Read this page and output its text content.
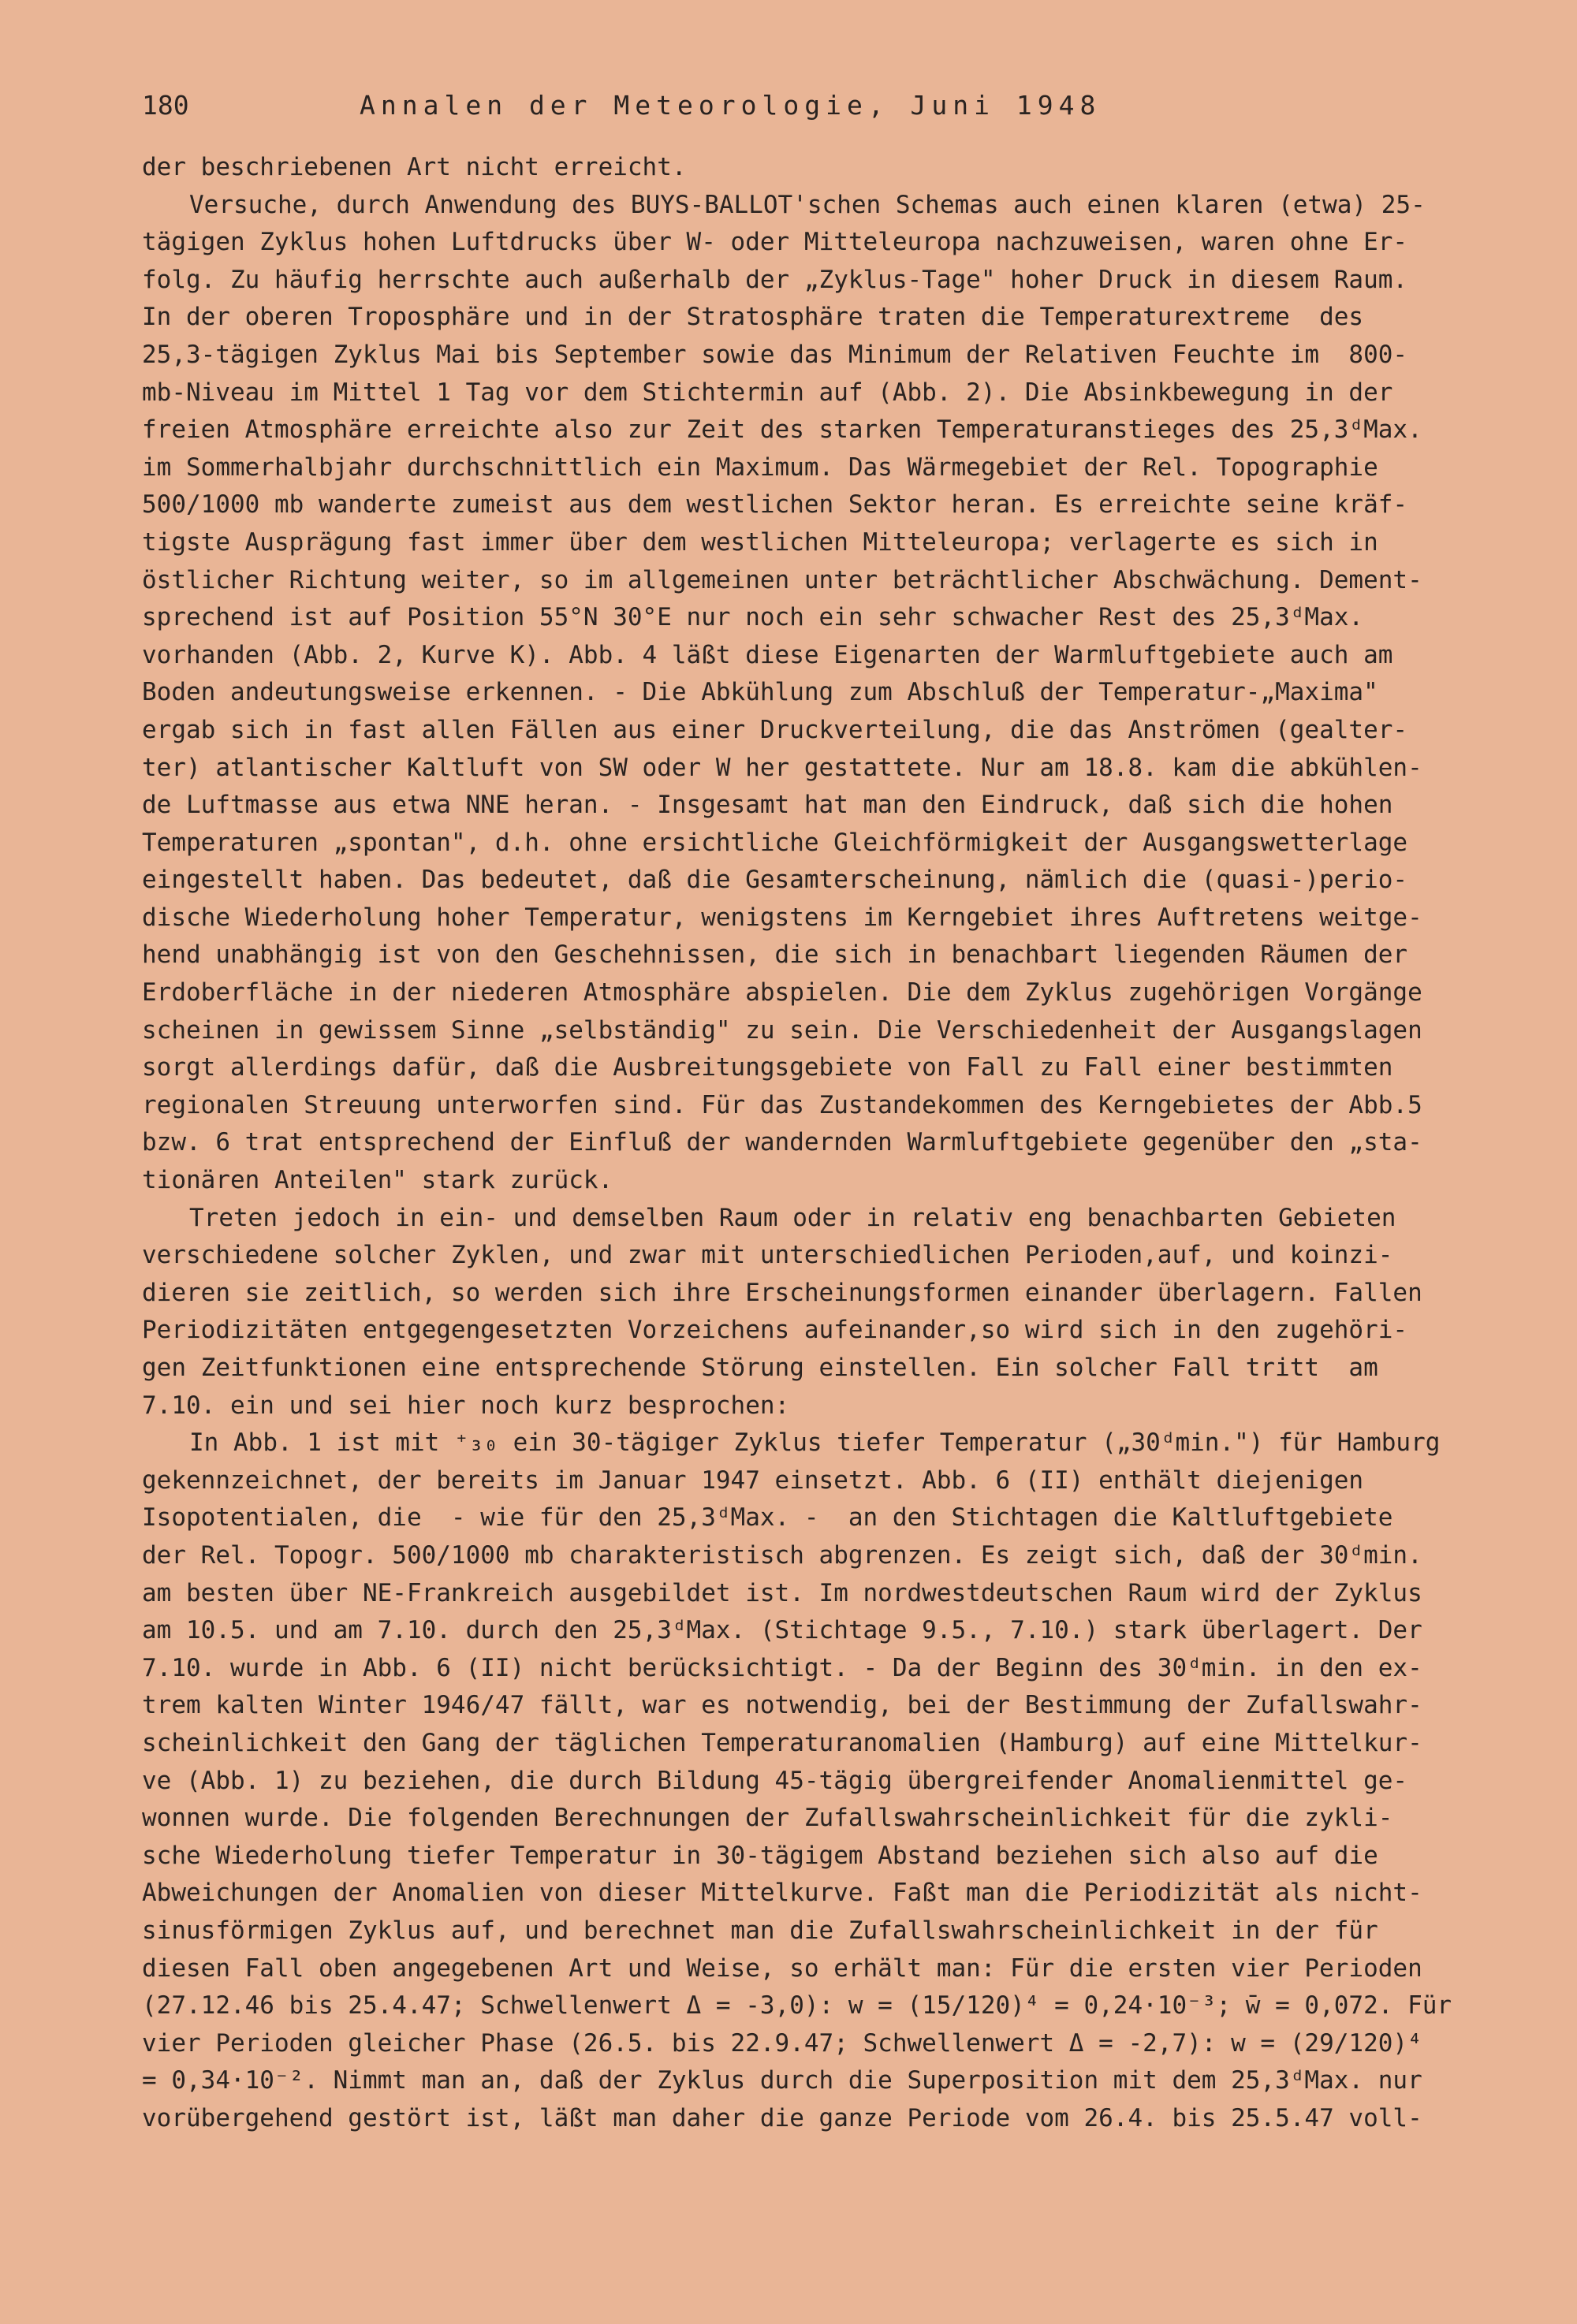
180

	Annalen der Meteorologie, Juni 1948

der beschriebenen Art nicht erreicht.
Versuche, durch Anwendung des BUYS-BALLOT'schen Schemas auch einen klaren (etwa) 25-
tägigen Zyklus hohen Luftdrucks über W- oder Mitteleuropa nachzuweisen, waren ohne Er-
folg. Zu häufig herrschte auch außerhalb der „Zyklus-Tage" hoher Druck in diesem Raum.
In der oberen Troposphäre und in der Stratosphäre traten die Temperaturextreme  des
25,3-tägigen Zyklus Mai bis September sowie das Minimum der Relativen Feuchte im  800-
mb-Niveau im Mittel 1 Tag vor dem Stichtermin auf (Abb. 2). Die Absinkbewegung in der
freien Atmosphäre erreichte also zur Zeit des starken Temperaturanstieges des 25,3ᵈMax.
im Sommerhalbjahr durchschnittlich ein Maximum. Das Wärmegebiet der Rel. Topographie
500/1000 mb wanderte zumeist aus dem westlichen Sektor heran. Es erreichte seine kräf-
tigste Ausprägung fast immer über dem westlichen Mitteleuropa; verlagerte es sich in
östlicher Richtung weiter, so im allgemeinen unter beträchtlicher Abschwächung. Dement-
sprechend ist auf Position 55°N 30°E nur noch ein sehr schwacher Rest des 25,3ᵈMax.
vorhanden (Abb. 2, Kurve K). Abb. 4 läßt diese Eigenarten der Warmluftgebiete auch am
Boden andeutungsweise erkennen. - Die Abkühlung zum Abschluß der Temperatur-„Maxima"
ergab sich in fast allen Fällen aus einer Druckverteilung, die das Anströmen (gealter-
ter) atlantischer Kaltluft von SW oder W her gestattete. Nur am 18.8. kam die abkühlen-
de Luftmasse aus etwa NNE heran. - Insgesamt hat man den Eindruck, daß sich die hohen
Temperaturen „spontan", d.h. ohne ersichtliche Gleichförmigkeit der Ausgangswetterlage
eingestellt haben. Das bedeutet, daß die Gesamterscheinung, nämlich die (quasi-)perio-
dische Wiederholung hoher Temperatur, wenigstens im Kerngebiet ihres Auftretens weitge-
hend unabhängig ist von den Geschehnissen, die sich in benachbart liegenden Räumen der
Erdoberfläche in der niederen Atmosphäre abspielen. Die dem Zyklus zugehörigen Vorgänge
scheinen in gewissem Sinne „selbständig" zu sein. Die Verschiedenheit der Ausgangslagen
sorgt allerdings dafür, daß die Ausbreitungsgebiete von Fall zu Fall einer bestimmten
regionalen Streuung unterworfen sind. Für das Zustandekommen des Kerngebietes der Abb.5
bzw. 6 trat entsprechend der Einfluß der wandernden Warmluftgebiete gegenüber den „sta-
tionären Anteilen" stark zurück.
Treten jedoch in ein- und demselben Raum oder in relativ eng benachbarten Gebieten
verschiedene solcher Zyklen, und zwar mit unterschiedlichen Perioden,auf, und koinzi-
dieren sie zeitlich, so werden sich ihre Erscheinungsformen einander überlagern. Fallen
Periodizitäten entgegengesetzten Vorzeichens aufeinander,so wird sich in den zugehöri-
gen Zeitfunktionen eine entsprechende Störung einstellen. Ein solcher Fall tritt  am
7.10. ein und sei hier noch kurz besprochen:
In Abb. 1 ist mit ⁺₃₀ ein 30-tägiger Zyklus tiefer Temperatur („30ᵈmin.") für Hamburg
gekennzeichnet, der bereits im Januar 1947 einsetzt. Abb. 6 (II) enthält diejenigen
Isopotentialen, die  - wie für den 25,3ᵈMax. -  an den Stichtagen die Kaltluftgebiete
der Rel. Topogr. 500/1000 mb charakteristisch abgrenzen. Es zeigt sich, daß der 30ᵈmin.
am besten über NE-Frankreich ausgebildet ist. Im nordwestdeutschen Raum wird der Zyklus
am 10.5. und am 7.10. durch den 25,3ᵈMax. (Stichtage 9.5., 7.10.) stark überlagert. Der
7.10. wurde in Abb. 6 (II) nicht berücksichtigt. - Da der Beginn des 30ᵈmin. in den ex-
trem kalten Winter 1946/47 fällt, war es notwendig, bei der Bestimmung der Zufallswahr-
scheinlichkeit den Gang der täglichen Temperaturanomalien (Hamburg) auf eine Mittelkur-
ve (Abb. 1) zu beziehen, die durch Bildung 45-tägig übergreifender Anomalienmittel ge-
wonnen wurde. Die folgenden Berechnungen der Zufallswahrscheinlichkeit für die zykli-
sche Wiederholung tiefer Temperatur in 30-tägigem Abstand beziehen sich also auf die
Abweichungen der Anomalien von dieser Mittelkurve. Faßt man die Periodizität als nicht-
sinusförmigen Zyklus auf, und berechnet man die Zufallswahrscheinlichkeit in der für
diesen Fall oben angegebenen Art und Weise, so erhält man: Für die ersten vier Perioden
(27.12.46 bis 25.4.47; Schwellenwert Δ = -3,0): w = (15/120)⁴ = 0,24·10⁻³; w̄ = 0,072. Für
vier Perioden gleicher Phase (26.5. bis 22.9.47; Schwellenwert Δ = -2,7): w = (29/120)⁴
= 0,34·10⁻². Nimmt man an, daß der Zyklus durch die Superposition mit dem 25,3ᵈMax. nur
vorübergehend gestört ist, läßt man daher die ganze Periode vom 26.4. bis 25.5.47 voll-
